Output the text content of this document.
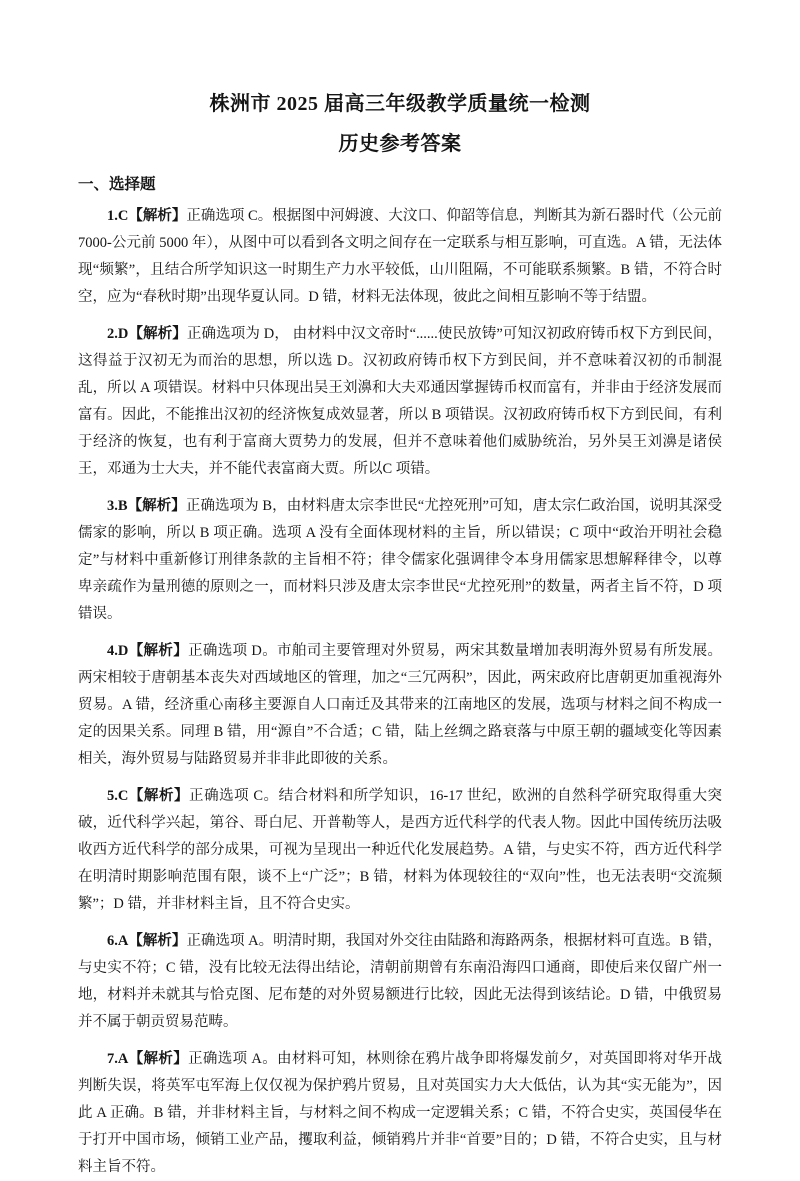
株洲市 2025 届高三年级教学质量统一检测
历史参考答案
一、选择题

1.C【解析】正确选项 C。根据图中河姆渡、大汶口、仰韶等信息，判断其为新石器时代（公元前 7000-公元前 5000 年），从图中可以看到各文明之间存在一定联系与相互影响，可直选。A 错，无法体现“频繁”，且结合所学知识这一时期生产力水平较低，山川阻隔，不可能联系频繁。B 错，不符合时空，应为“春秋时期”出现华夏认同。D 错，材料无法体现，彼此之间相互影响不等于结盟。

2.D【解析】正确选项为 D， 由材料中汉文帝时“......使民放铸”可知汉初政府铸币权下方到民间，这得益于汉初无为而治的思想，所以选 D。汉初政府铸币权下方到民间，并不意味着汉初的币制混乱，所以 A 项错误。材料中只体现出吴王刘濞和大夫邓通因掌握铸币权而富有，并非由于经济发展而富有。因此，不能推出汉初的经济恢复成效显著，所以 B 项错误。汉初政府铸币权下方到民间，有利于经济的恢复，也有利于富商大贾势力的发展，但并不意味着他们威胁统治，另外吴王刘濞是诸侯王，邓通为士大夫，并不能代表富商大贾。所以C 项错。

3.B【解析】正确选项为 B，由材料唐太宗李世民“尤控死刑”可知，唐太宗仁政治国，说明其深受儒家的影响，所以 B 项正确。选项 A 没有全面体现材料的主旨，所以错误；C 项中“政治开明社会稳定”与材料中重新修订刑律条款的主旨相不符；律令儒家化强调律令本身用儒家思想解释律令，以尊卑亲疏作为量刑德的原则之一，而材料只涉及唐太宗李世民“尤控死刑”的数量，两者主旨不符，D 项错误。

4.D【解析】正确选项 D。市舶司主要管理对外贸易，两宋其数量增加表明海外贸易有所发展。两宋相较于唐朝基本丧失对西域地区的管理，加之“三冗两积”，因此，两宋政府比唐朝更加重视海外贸易。A 错，经济重心南移主要源自人口南迁及其带来的江南地区的发展，选项与材料之间不构成一定的因果关系。同理 B 错，用“源自”不合适；C 错，陆上丝绸之路衰落与中原王朝的疆域变化等因素相关，海外贸易与陆路贸易并非非此即彼的关系。

5.C【解析】正确选项 C。结合材料和所学知识，16-17 世纪，欧洲的自然科学研究取得重大突破，近代科学兴起，第谷、哥白尼、开普勒等人，是西方近代科学的代表人物。因此中国传统历法吸收西方近代科学的部分成果，可视为呈现出一种近代化发展趋势。A 错，与史实不符，西方近代科学在明清时期影响范围有限，谈不上“广泛”；B 错，材料为体现较往的“双向”性，也无法表明“交流频繁”；D 错，并非材料主旨，且不符合史实。

6.A【解析】正确选项 A。明清时期，我国对外交往由陆路和海路两条，根据材料可直选。B 错，与史实不符；C 错，没有比较无法得出结论，清朝前期曾有东南沿海四口通商，即使后来仅留广州一地，材料并未就其与恰克图、尼布楚的对外贸易额进行比较，因此无法得到该结论。D 错，中俄贸易并不属于朝贡贸易范畴。

7.A【解析】正确选项 A。由材料可知，林则徐在鸦片战争即将爆发前夕，对英国即将对华开战判断失误，将英军屯军海上仅仅视为保护鸦片贸易，且对英国实力大大低估，认为其“实无能为”，因此 A 正确。B 错，并非材料主旨，与材料之间不构成一定逻辑关系；C 错，不符合史实，英国侵华在于打开中国市场，倾销工业产品，攫取利益，倾销鸦片并非“首要”目的；D 错，不符合史实，且与材料主旨不符。
